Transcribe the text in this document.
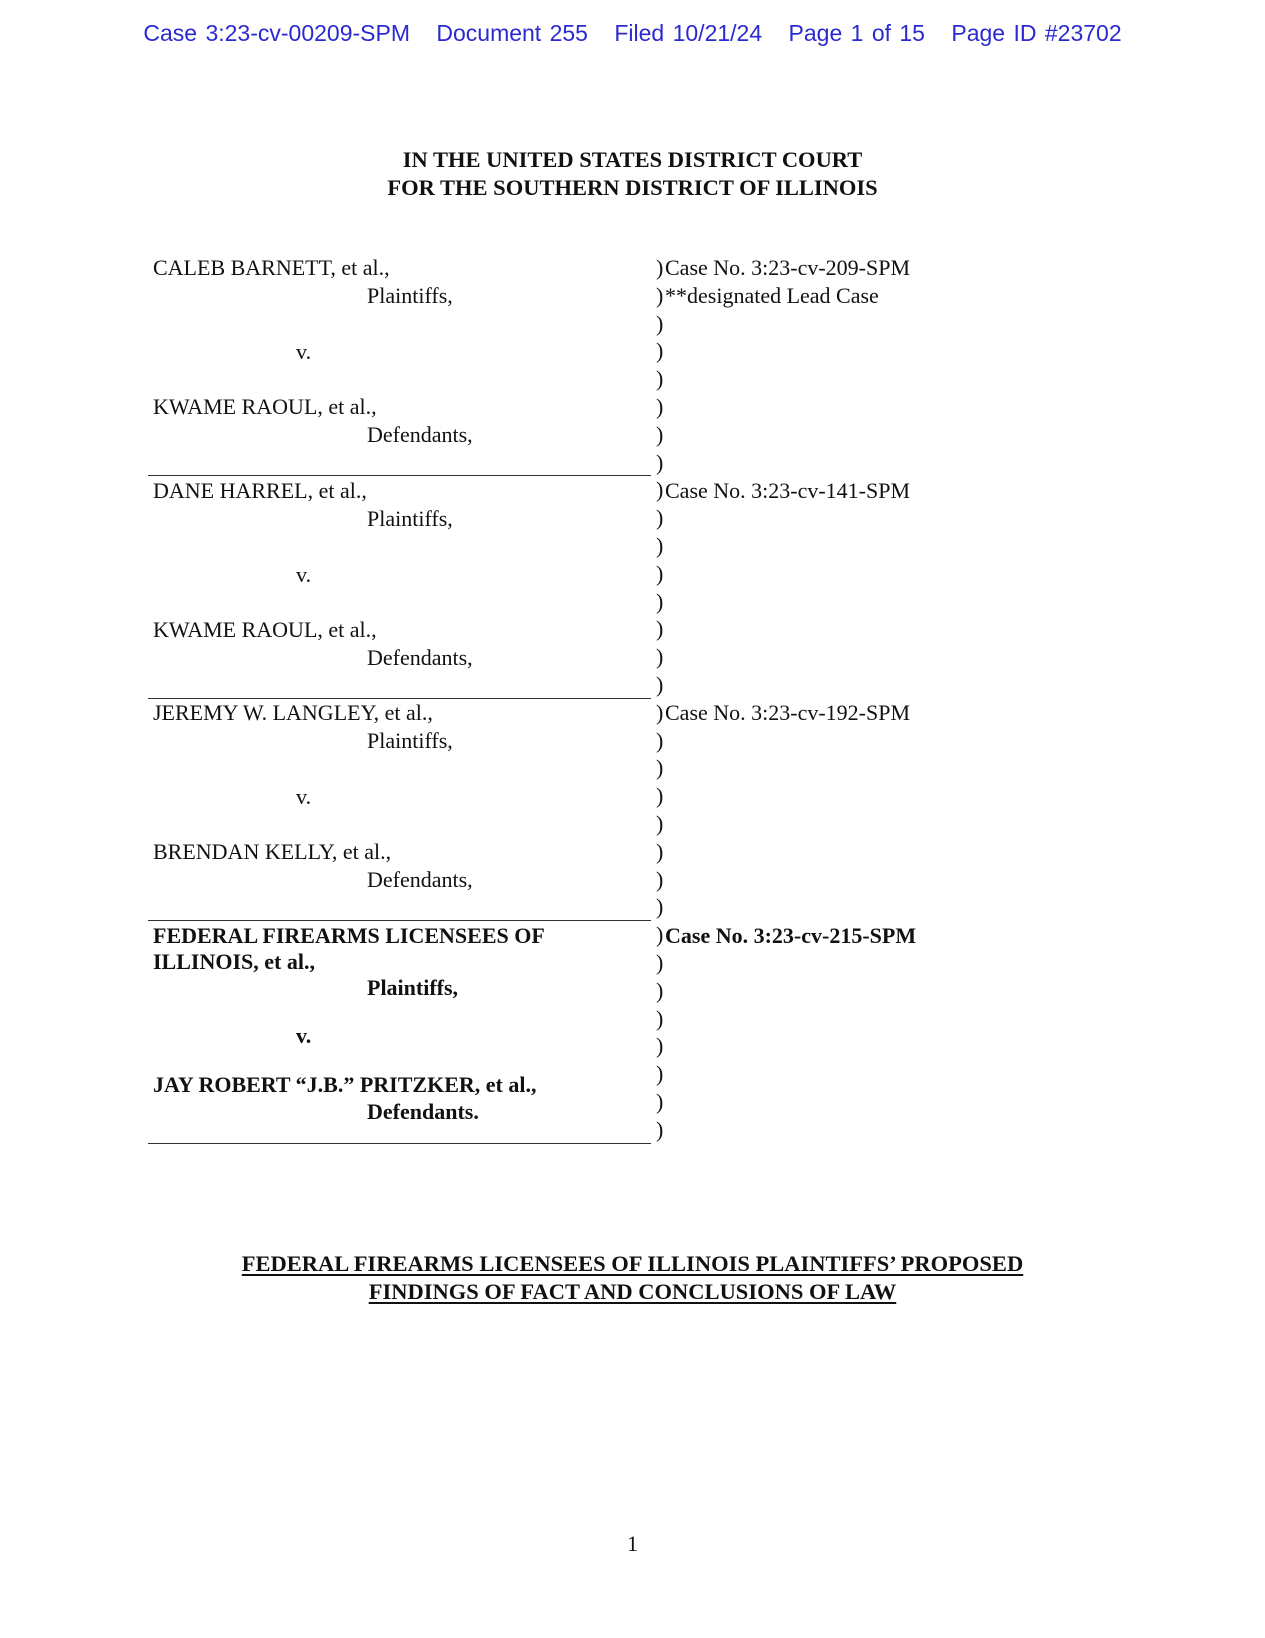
Case 3:23-cv-00209-SPM Document 255 Filed 10/21/24 Page 1 of 15 Page ID #23702
IN THE UNITED STATES DISTRICT COURT
FOR THE SOUTHERN DISTRICT OF ILLINOIS
CALEB BARNETT, et al.,
Plaintiffs,
v.
KWAME RAOUL, et al.,
Defendants,
Case No. 3:23-cv-209-SPM
**designated Lead Case
DANE HARREL, et al.,
Plaintiffs,
v.
KWAME RAOUL, et al.,
Defendants,
Case No. 3:23-cv-141-SPM
JEREMY W. LANGLEY, et al.,
Plaintiffs,
v.
BRENDAN KELLY, et al.,
Defendants,
Case No. 3:23-cv-192-SPM
FEDERAL FIREARMS LICENSEES OF
ILLINOIS, et al.,
Plaintiffs,
v.
JAY ROBERT “J.B.” PRITZKER, et al.,
Defendants.
Case No. 3:23-cv-215-SPM
)
)
)
)
)
)
)
)
)
)
)
)
)
)
)
)
)
)
)
)
)
)
)
)
)
)
)
)
)
)
)
)
FEDERAL FIREARMS LICENSEES OF ILLINOIS PLAINTIFFS’ PROPOSED
FINDINGS OF FACT AND CONCLUSIONS OF LAW
1
